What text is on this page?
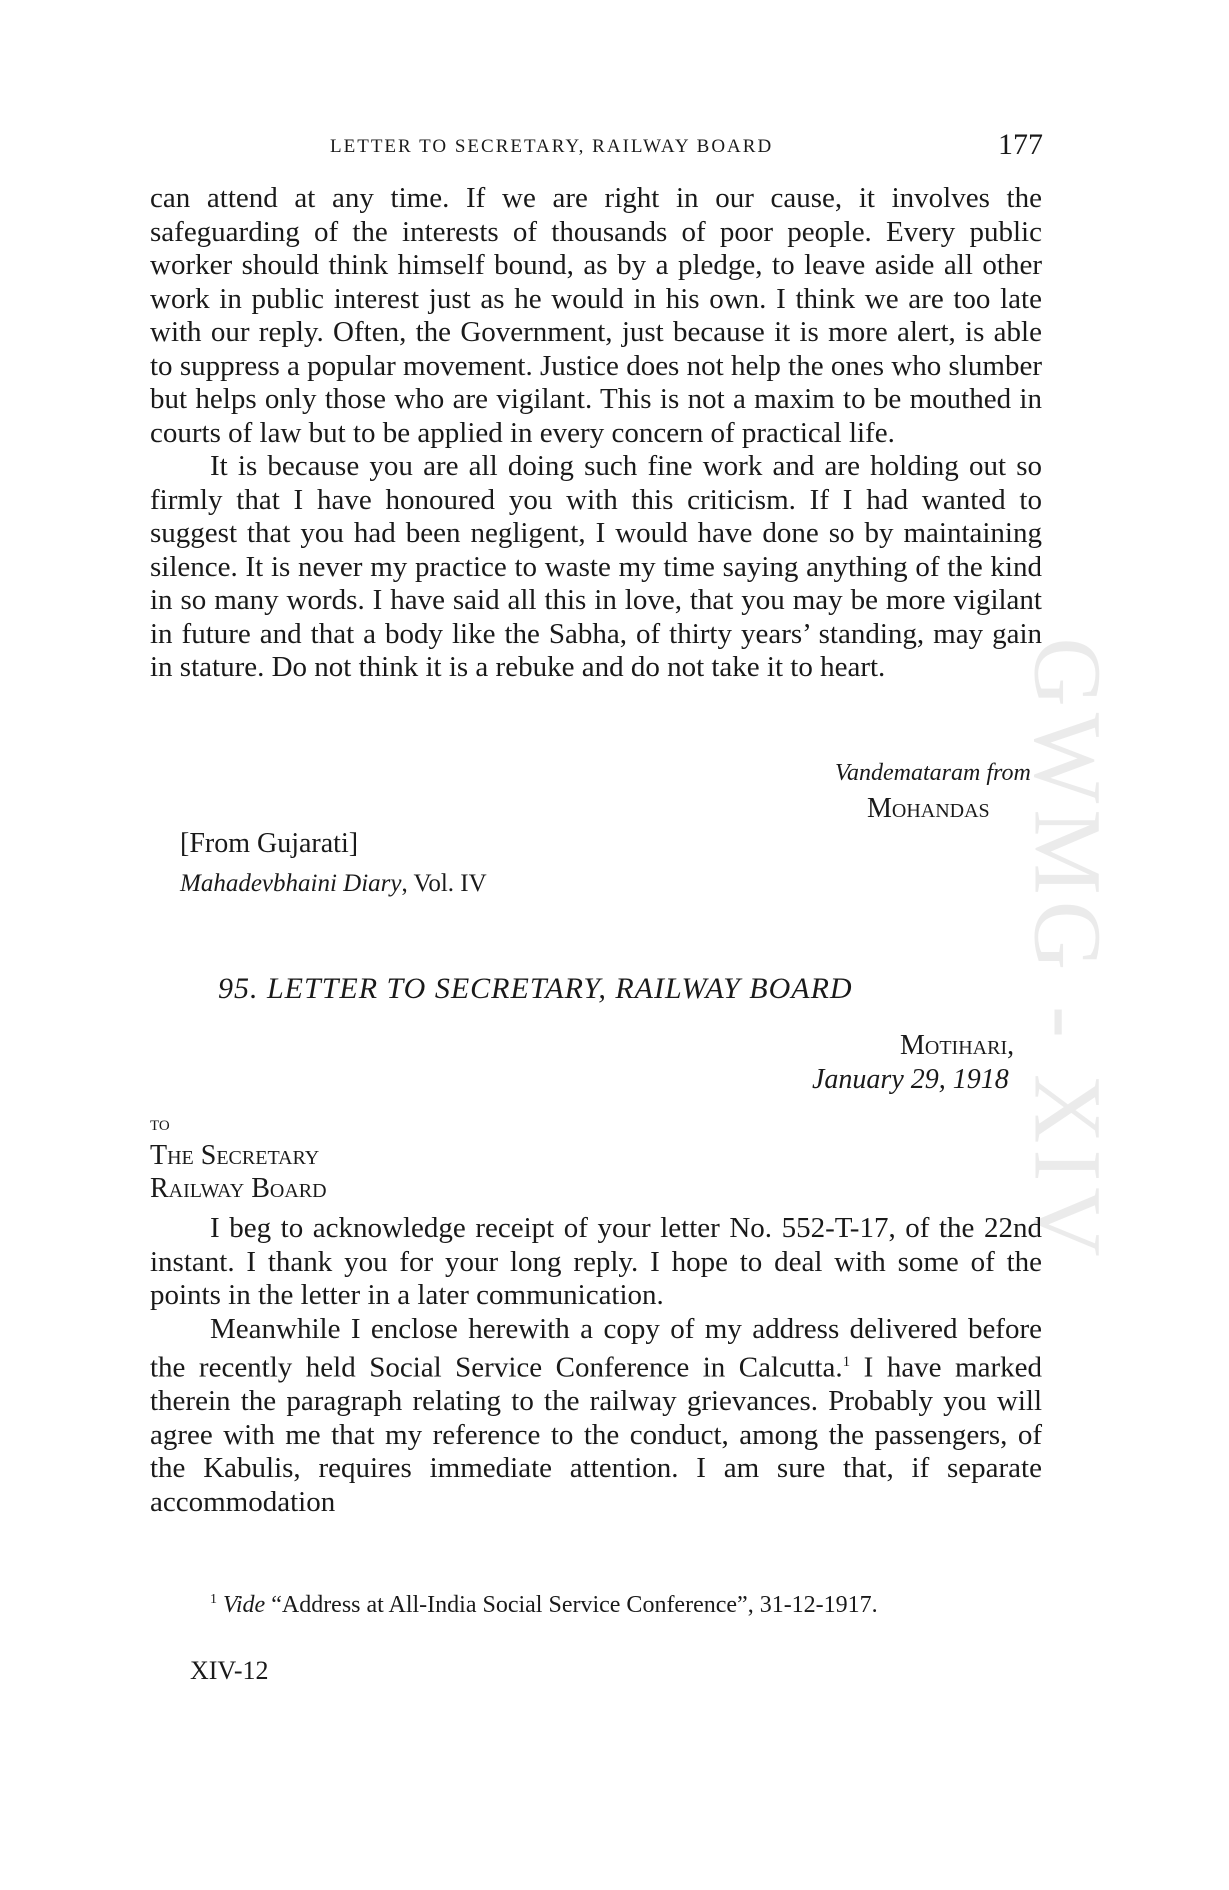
GWMG - XIV
LETTER TO SECRETARY, RAILWAY BOARD	177

can attend at any time. If we are right in our cause, it involves the safeguarding of the interests of thousands of poor people. Every public worker should think himself bound, as by a pledge, to leave aside all other work in public interest just as he would in his own. I think we are too late with our reply. Often, the Government, just because it is more alert, is able to suppress a popular movement. Justice does not help the ones who slumber but helps only those who are vigilant. This is not a maxim to be mouthed in courts of law but to be applied in every concern of practical life.

It is because you are all doing such fine work and are holding out so firmly that I have honoured you with this criticism. If I had wanted to suggest that you had been negligent, I would have done so by maintaining silence. It is never my practice to waste my time saying anything of the kind in so many words. I have said all this in love, that you may be more vigilant in future and that a body like the Sabha, of thirty years’ standing, may gain in stature. Do not think it is a rebuke and do not take it to heart.

Vandemataram from
Mohandas
[From Gujarati]
Mahadevbhaini Diary, Vol. IV
95. LETTER TO SECRETARY, RAILWAY BOARD
Motihari,
January 29, 1918
to
The Secretary
Railway Board

I beg to acknowledge receipt of your letter No. 552-T-17, of the 22nd instant. I thank you for your long reply. I hope to deal with some of the points in the letter in a later communication.

Meanwhile I enclose herewith a copy of my address delivered before the recently held Social Service Conference in Calcutta.$^1$ I have marked therein the paragraph relating to the railway grievances. Probably you will agree with me that my reference to the conduct, among the passengers, of the Kabulis, requires immediate attention. I am sure that, if separate accommodation

$^1$ Vide “Address at All-India Social Service Conference”, 31-12-1917.
XIV-12
